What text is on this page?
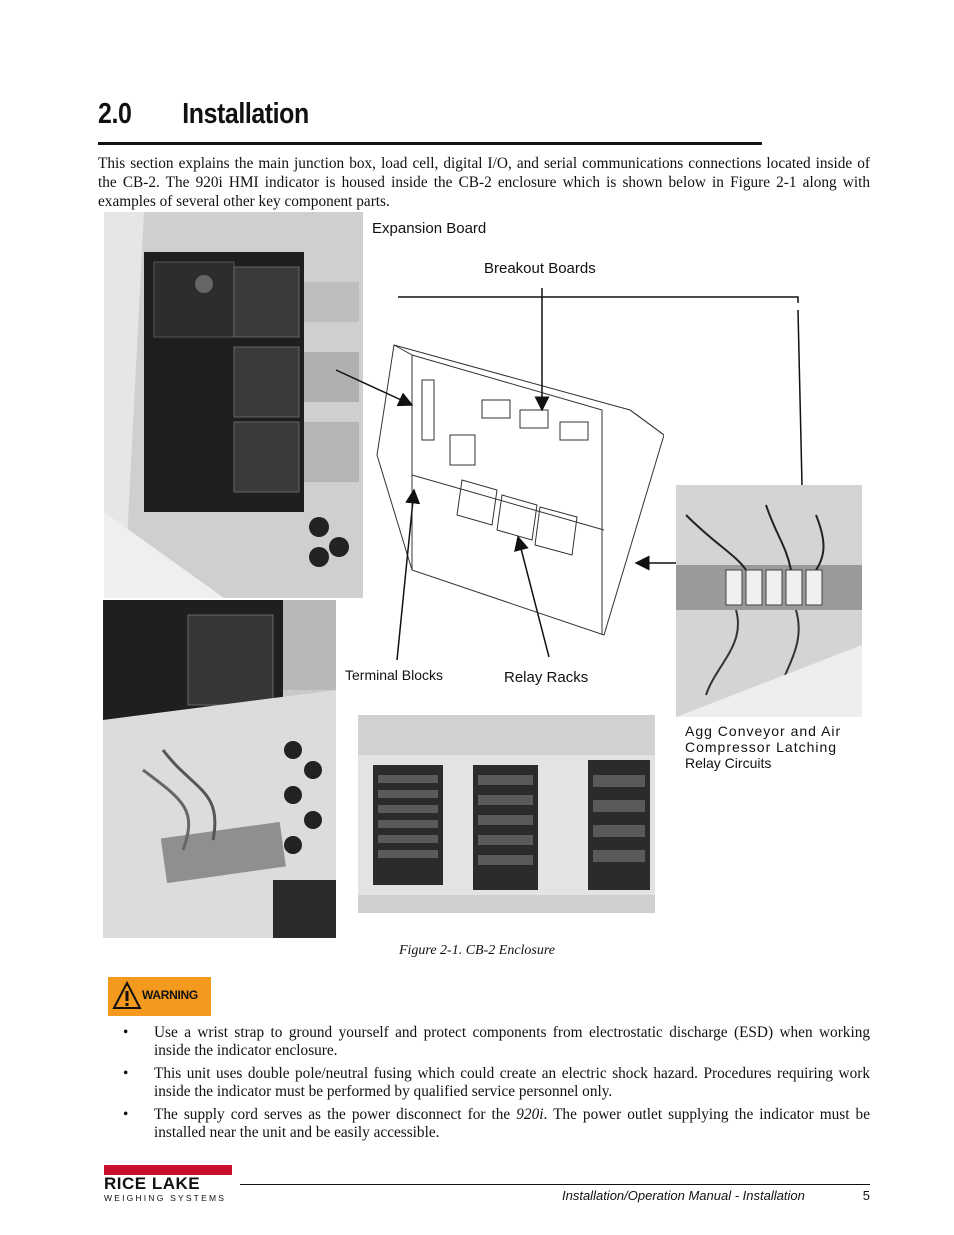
2.0 Installation
This section explains the main junction box, load cell, digital I/O, and serial communications connections located inside of the CB-2. The 920i HMI indicator is housed inside the CB-2 enclosure which is shown below in Figure 2-1 along with examples of several other key component parts.
Expansion Board
Breakout Boards
Terminal Blocks	Relay Racks
Agg Conveyor and Air
Compressor Latching
Relay Circuits
Figure 2-1. CB-2 Enclosure
WARNING
• Use a wrist strap to ground yourself and protect components from electrostatic discharge (ESD) when working inside the indicator enclosure.
• This unit uses double pole/neutral fusing which could create an electric shock hazard. Procedures requiring work inside the indicator must be performed by qualified service personnel only.
• The supply cord serves as the power disconnect for the 920i. The power outlet supplying the indicator must be installed near the unit and be easily accessible.
RICE LAKE
WEIGHING SYSTEMS	Installation/Operation Manual - Installation	5
